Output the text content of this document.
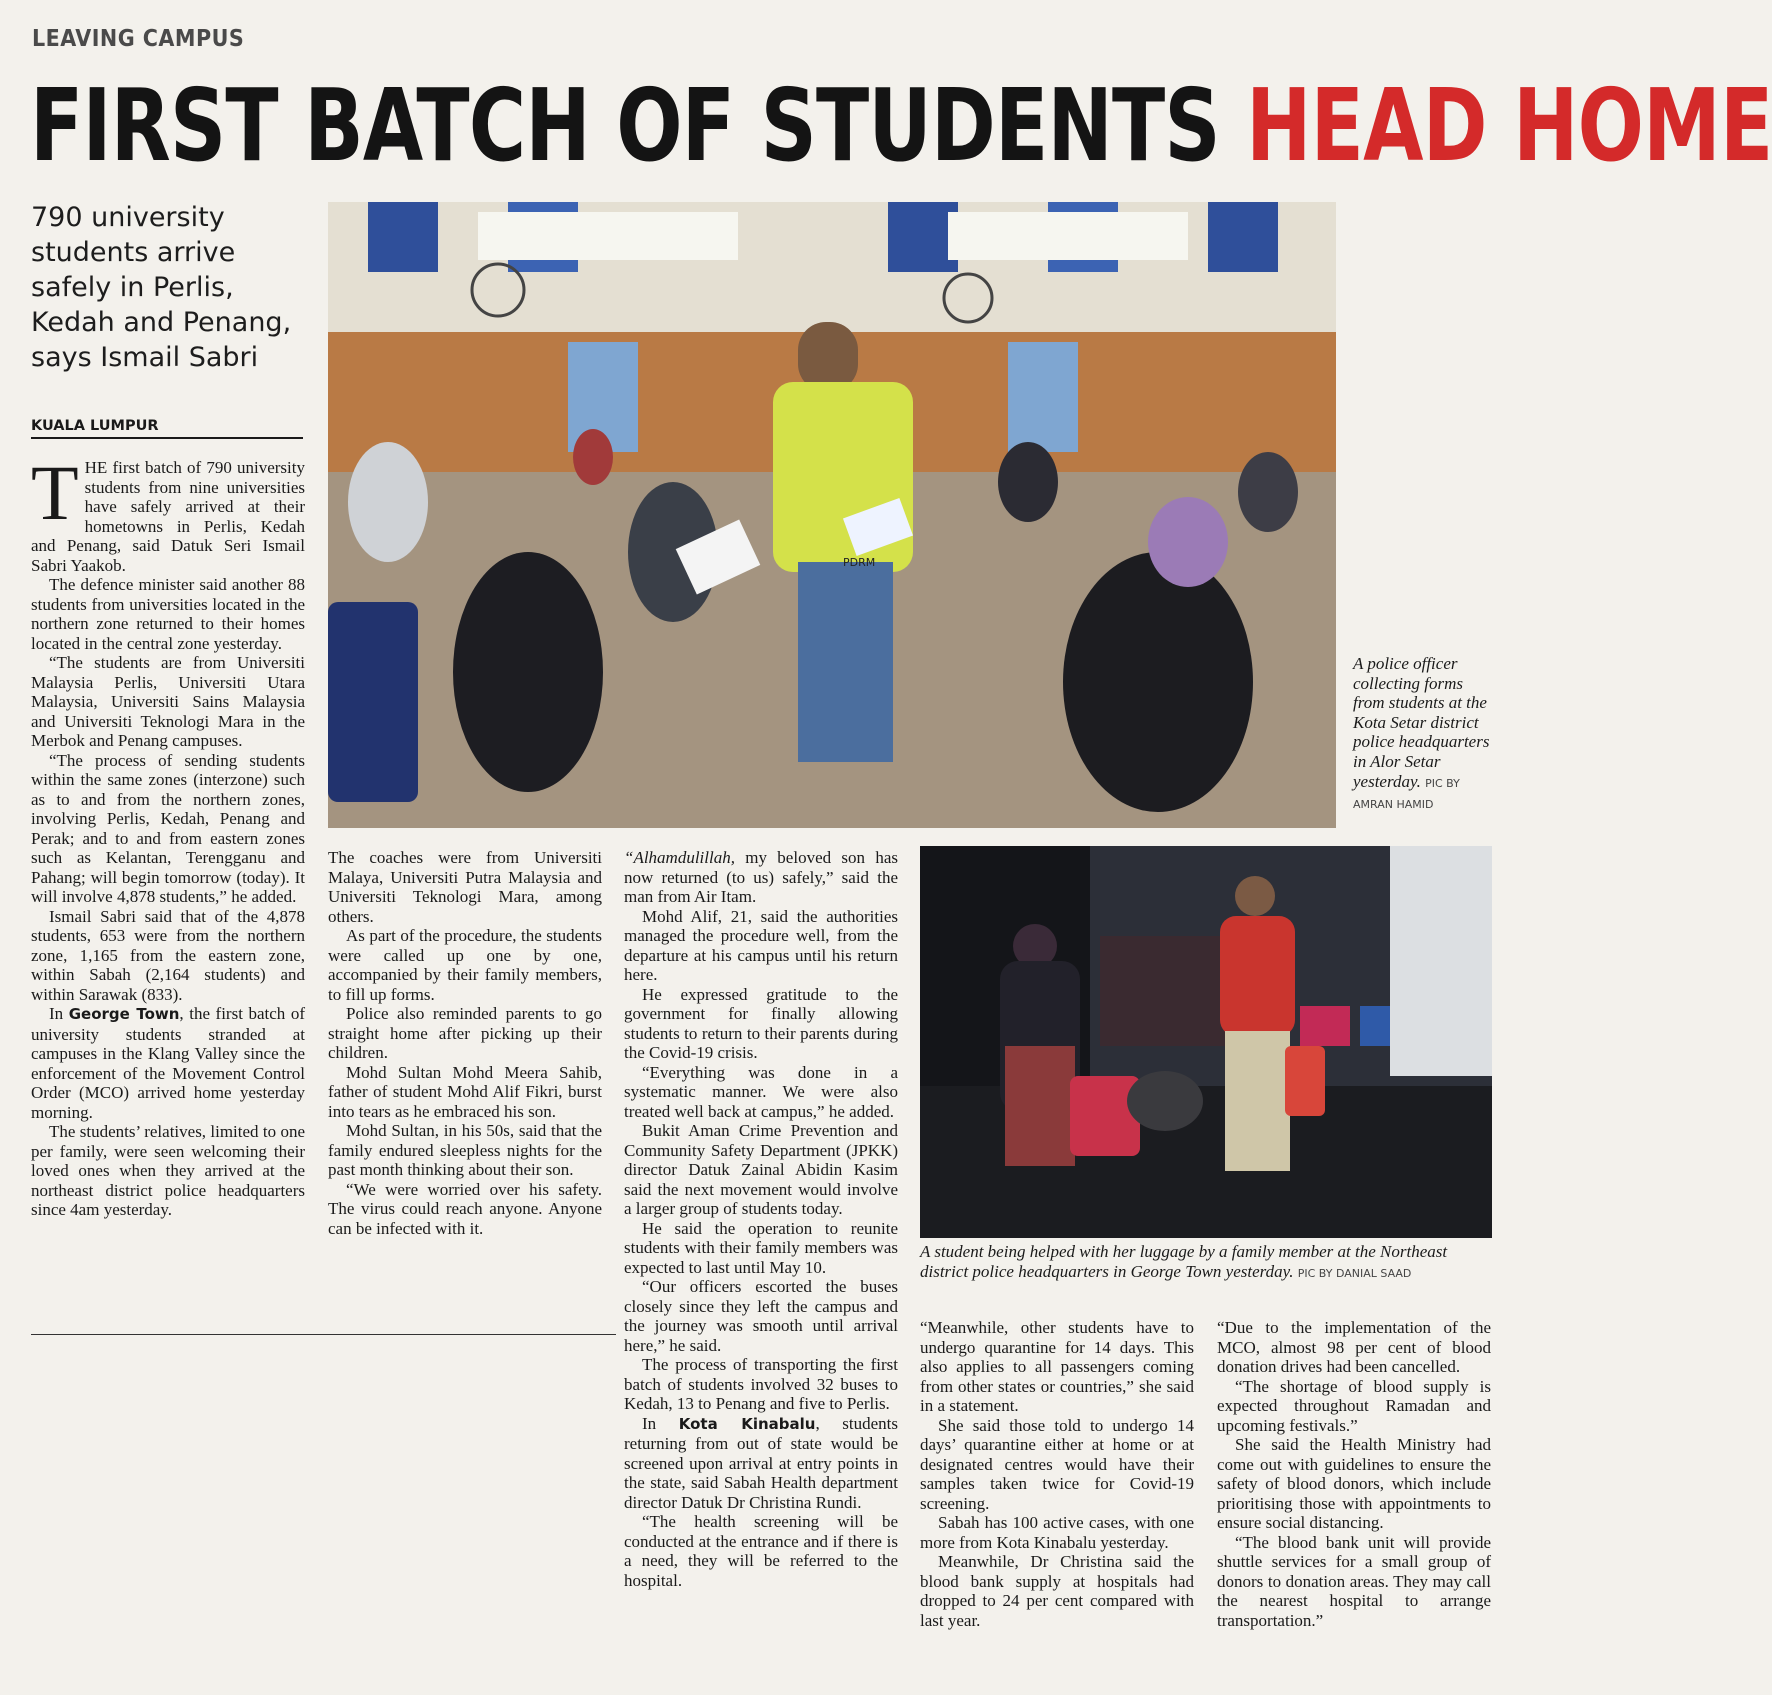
LEAVING CAMPUS
FIRST BATCH OF STUDENTS HEAD HOME
790 university students arrive safely in Perlis, Kedah and Penang, says Ismail Sabri
KUALA LUMPUR

THE first batch of 790 university students from nine universities have safely arrived at their hometowns in Perlis, Kedah and Penang, said Datuk Seri Ismail Sabri Yaakob.

The defence minister said another 88 students from universities located in the northern zone returned to their homes located in the central zone yesterday.

“The students are from Universiti Malaysia Perlis, Universiti Utara Malaysia, Universiti Sains Malaysia and Universiti Teknologi Mara in the Merbok and Penang campuses.

“The process of sending students within the same zones (interzone) such as to and from the northern zones, involving Perlis, Kedah, Penang and Perak; and to and from eastern zones such as Kelantan, Terengganu and Pahang; will begin tomorrow (today). It will involve 4,878 students,” he added.

Ismail Sabri said that of the 4,878 students, 653 were from the northern zone, 1,165 from the eastern zone, within Sabah (2,164 students) and within Sarawak (833).

In George Town, the first batch of university students stranded at campuses in the Klang Valley since the enforcement of the Movement Control Order (MCO) arrived home yesterday morning.

The students’ relatives, limited to one per family, were seen welcoming their loved ones when they arrived at the northeast district police headquarters since 4am yesterday.

The coaches were from Universiti Malaya, Universiti Putra Malaysia and Universiti Teknologi Mara, among others.

As part of the procedure, the students were called up one by one, accompanied by their family members, to fill up forms.

Police also reminded parents to go straight home after picking up their children.

Mohd Sultan Mohd Meera Sahib, father of student Mohd Alif Fikri, burst into tears as he embraced his son.

Mohd Sultan, in his 50s, said that the family endured sleepless nights for the past month thinking about their son.

“We were worried over his safety. The virus could reach anyone. Anyone can be infected with it.

“Alhamdulillah, my beloved son has now returned (to us) safely,” said the man from Air Itam.

Mohd Alif, 21, said the authorities managed the procedure well, from the departure at his campus until his return here.

He expressed gratitude to the government for finally allowing students to return to their parents during the Covid-19 crisis.

“Everything was done in a systematic manner. We were also treated well back at campus,” he added.

Bukit Aman Crime Prevention and Community Safety Department (JPKK) director Datuk Zainal Abidin Kasim said the next movement would involve a larger group of students today.

He said the operation to reunite students with their family members was expected to last until May 10.

“Our officers escorted the buses closely since they left the campus and the journey was smooth until arrival here,” he said.

The process of transporting the first batch of students involved 32 buses to Kedah, 13 to Penang and five to Perlis.

In Kota Kinabalu, students returning from out of state would be screened upon arrival at entry points in the state, said Sabah Health department director Datuk Dr Christina Rundi.

“The health screening will be conducted at the entrance and if there is a need, they will be referred to the hospital.

“Meanwhile, other students have to undergo quarantine for 14 days. This also applies to all passengers coming from other states or countries,” she said in a statement.

She said those told to undergo 14 days’ quarantine either at home or at designated centres would have their samples taken twice for Covid-19 screening.

Sabah has 100 active cases, with one more from Kota Kinabalu yesterday.

Meanwhile, Dr Christina said the blood bank supply at hospitals had dropped to 24 per cent compared with last year.

“Due to the implementation of the MCO, almost 98 per cent of blood donation drives had been cancelled.

“The shortage of blood supply is expected throughout Ramadan and upcoming festivals.”

She said the Health Ministry had come out with guidelines to ensure the safety of blood donors, which include prioritising those with appointments to ensure social distancing.

“The blood bank unit will provide shuttle services for a small group of donors to donation areas. They may call the nearest hospital to arrange transportation.”

PDRM
A police officer collecting forms from students at the Kota Setar district police headquarters in Alor Setar yesterday. PIC BY AMRAN HAMID
A student being helped with her luggage by a family member at the Northeast district police headquarters in George Town yesterday. PIC BY DANIAL SAAD
